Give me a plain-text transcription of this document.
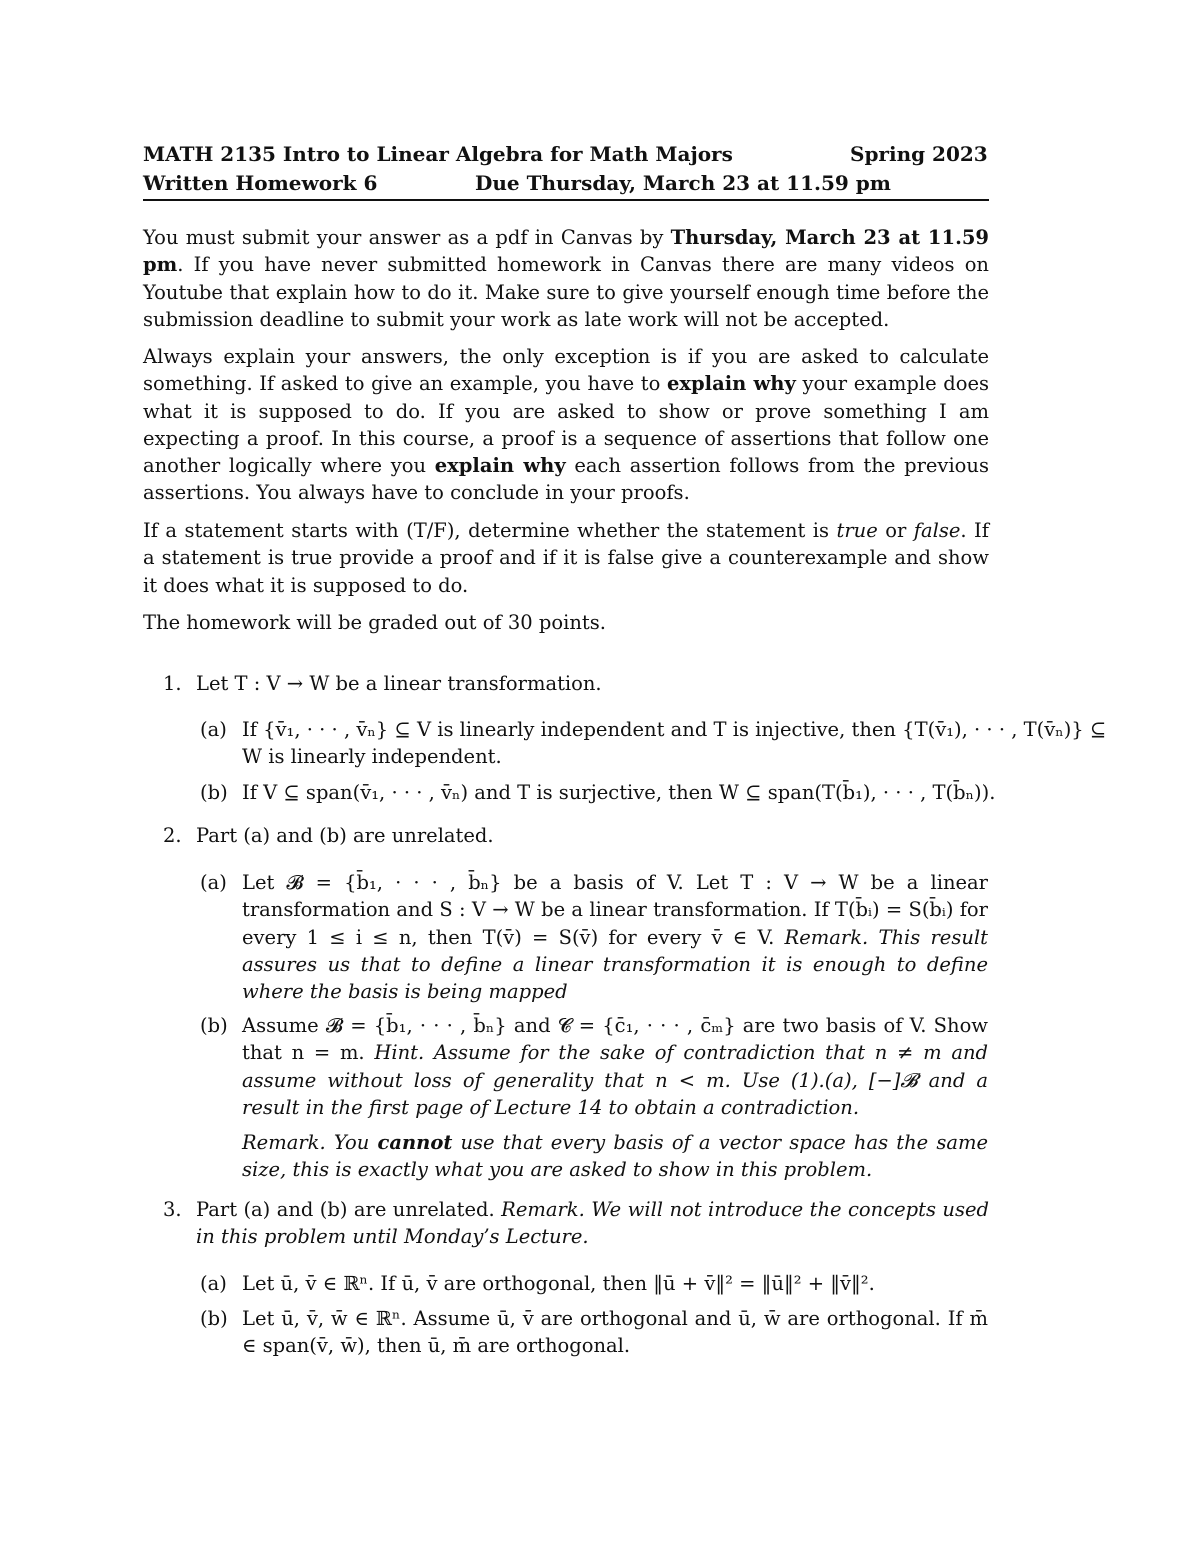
MATH 2135 Intro to Linear Algebra for Math Majors	Spring 2023
Written Homework 6	Due Thursday, March 23 at 11.59 pm
You must submit your answer as a pdf in Canvas by Thursday, March 23 at 11.59 pm. If you have never submitted homework in Canvas there are many videos on Youtube that explain how to do it. Make sure to give yourself enough time before the submission deadline to submit your work as late work will not be accepted.
Always explain your answers, the only exception is if you are asked to calculate something. If asked to give an example, you have to explain why your example does what it is supposed to do. If you are asked to show or prove something I am expecting a proof. In this course, a proof is a sequence of assertions that follow one another logically where you explain why each assertion follows from the previous assertions. You always have to conclude in your proofs.
If a statement starts with (T/F), determine whether the statement is true or false. If a statement is true provide a proof and if it is false give a counterexample and show it does what it is supposed to do.
The homework will be graded out of 30 points.
1. Let T : V → W be a linear transformation.
(a) If {v̄₁, · · · , v̄ₙ} ⊆ V is linearly independent and T is injective, then {T(v̄₁), · · · , T(v̄ₙ)} ⊆
W is linearly independent.
(b) If V ⊆ span(v̄₁, · · · , v̄ₙ) and T is surjective, then W ⊆ span(T(b̄₁), · · · , T(b̄ₙ)).
2. Part (a) and (b) are unrelated.
(a) Let 𝓑 = {b̄₁, · · · , b̄ₙ} be a basis of V. Let T : V → W be a linear transformation and S : V → W be a linear transformation. If T(b̄ᵢ) = S(b̄ᵢ) for every 1 ≤ i ≤ n, then T(v̄) = S(v̄) for every v̄ ∈ V. Remark. This result assures us that to define a linear transformation it is enough to define where the basis is being mapped
(b) Assume 𝓑 = {b̄₁, · · · , b̄ₙ} and 𝓒 = {c̄₁, · · · , c̄ₘ} are two basis of V. Show that n = m. Hint. Assume for the sake of contradiction that n ≠ m and assume without loss of generality that n < m. Use (1).(a), [−]𝓑 and a result in the first page of Lecture 14 to obtain a contradiction.
Remark. You cannot use that every basis of a vector space has the same size, this is exactly what you are asked to show in this problem.
3. Part (a) and (b) are unrelated. Remark. We will not introduce the concepts used in this problem until Monday’s Lecture.
(a) Let ū, v̄ ∈ ℝⁿ. If ū, v̄ are orthogonal, then ‖ū + v̄‖² = ‖ū‖² + ‖v̄‖².
(b) Let ū, v̄, w̄ ∈ ℝⁿ. Assume ū, v̄ are orthogonal and ū, w̄ are orthogonal. If m̄ ∈ span(v̄, w̄), then ū, m̄ are orthogonal.
